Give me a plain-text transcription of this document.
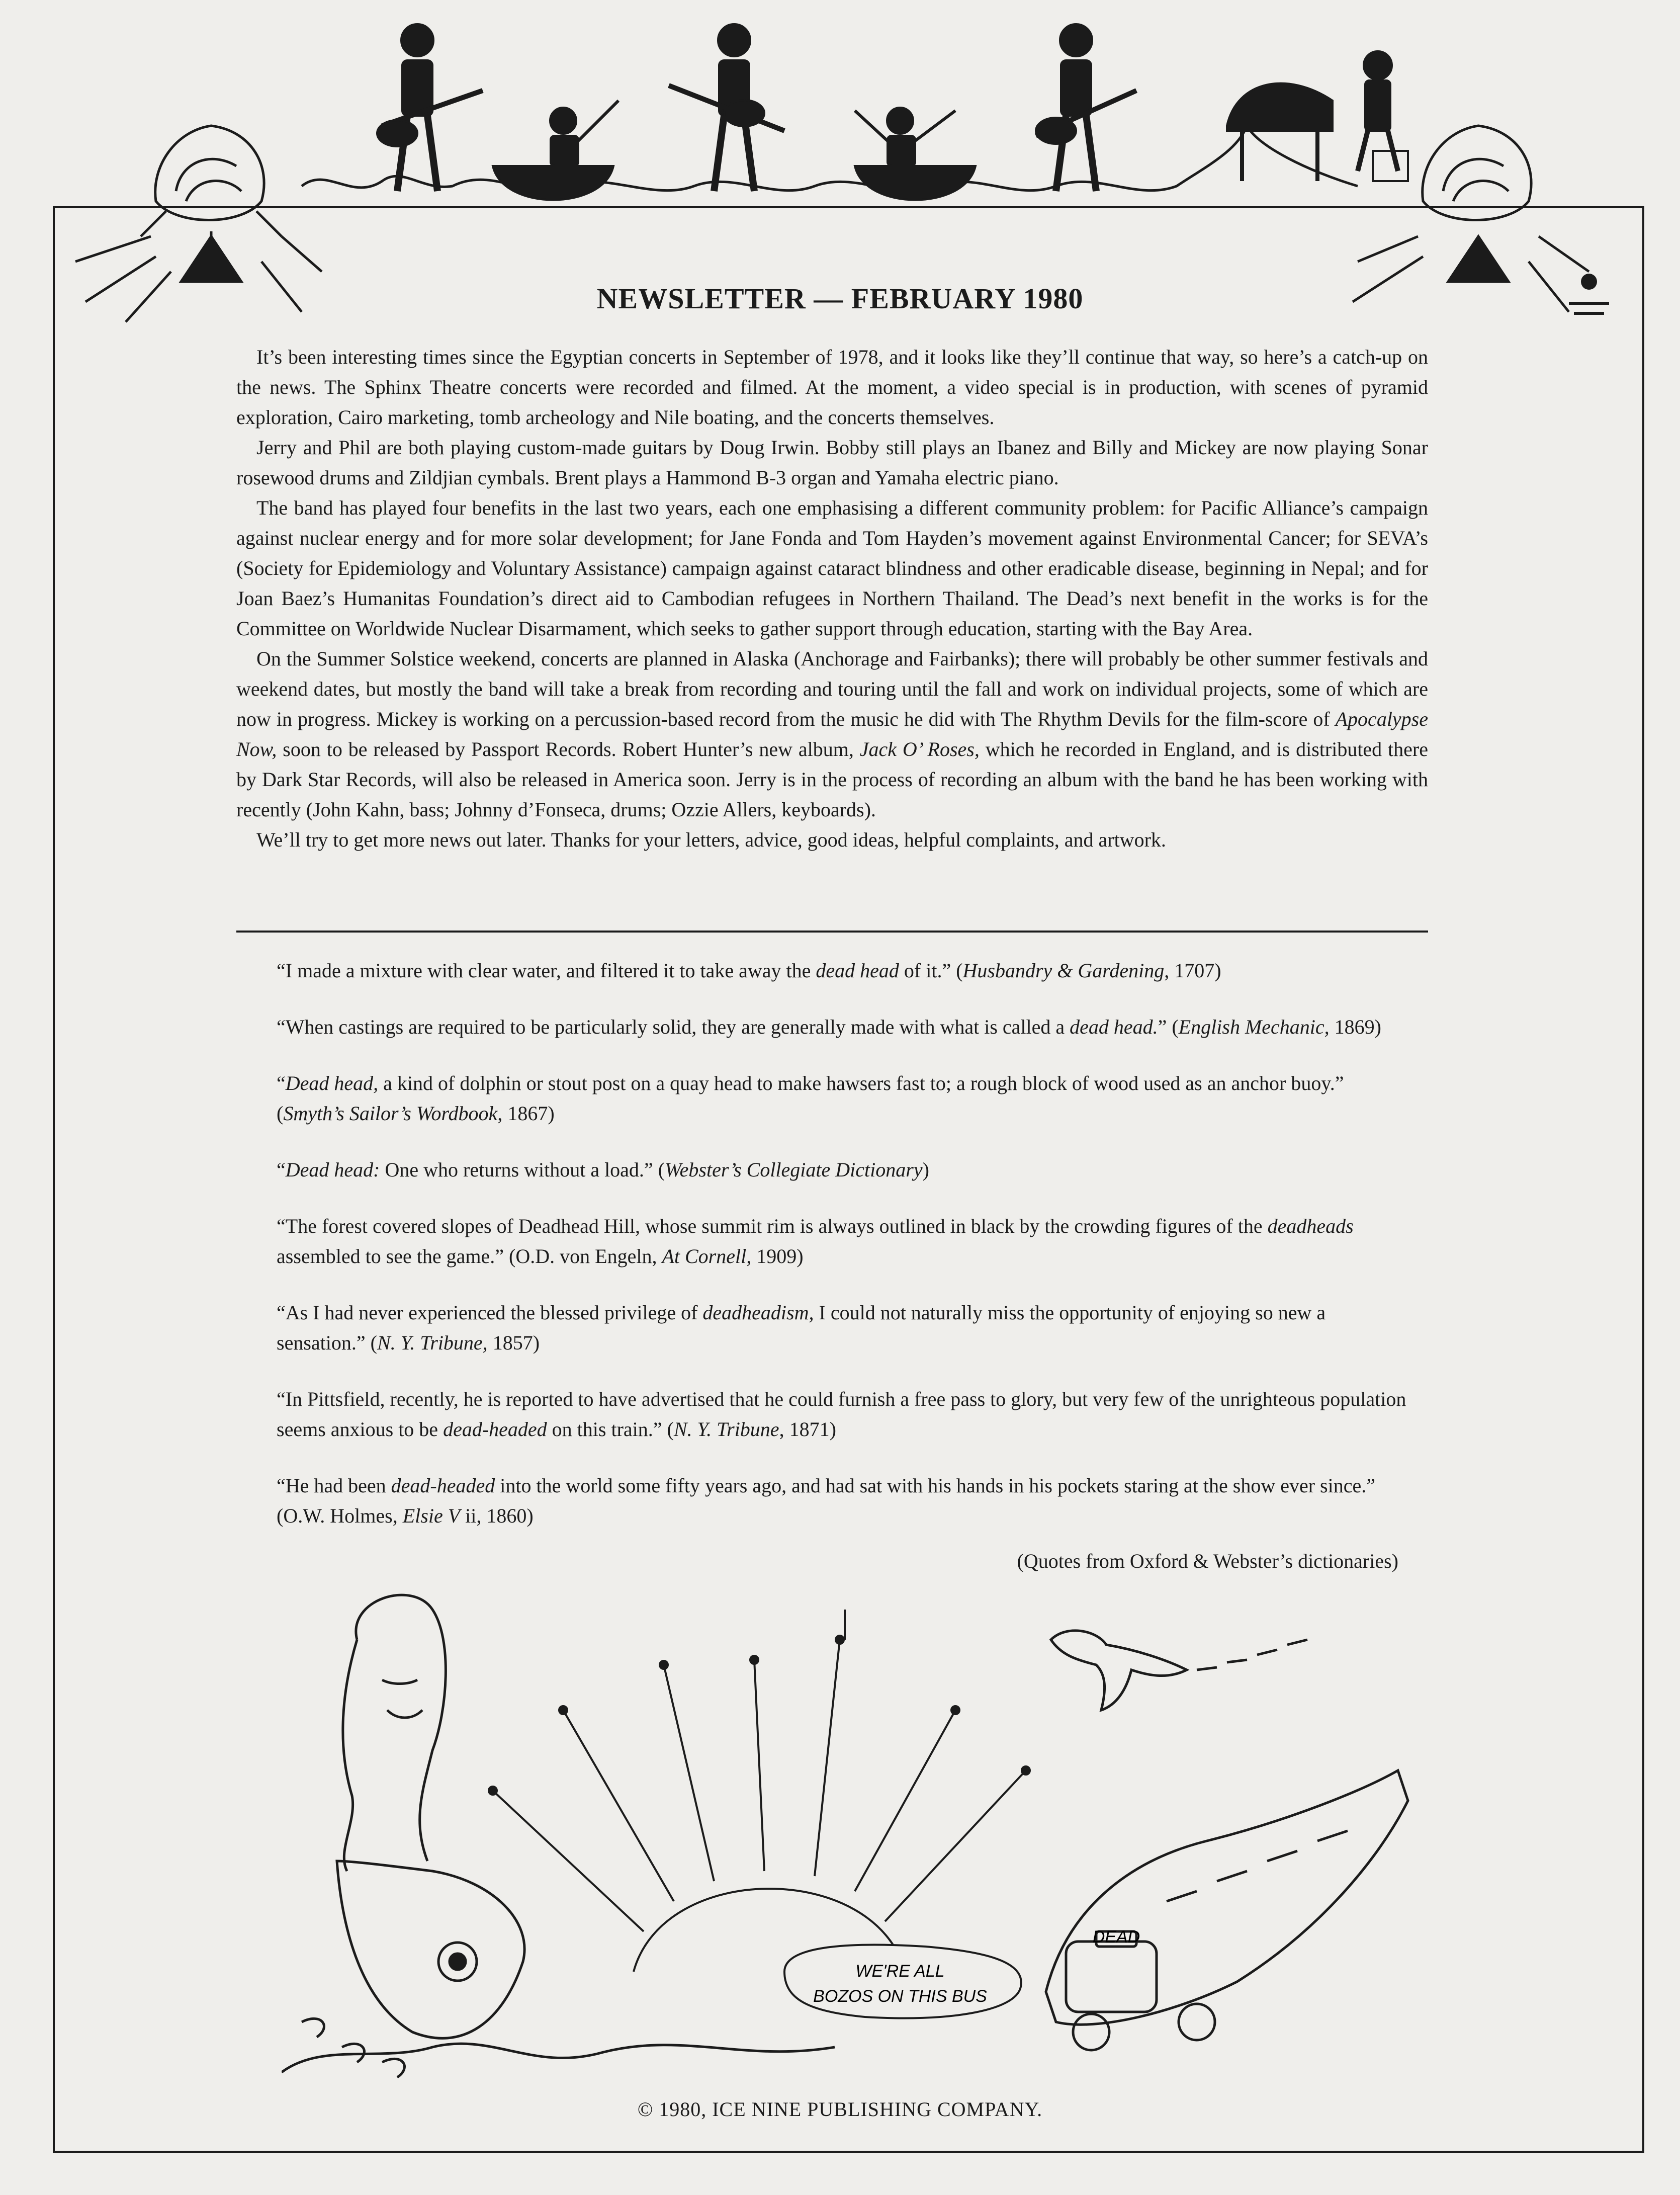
NEWSLETTER — FEBRUARY 1980

It’s been interesting times since the Egyptian concerts in September of 1978, and it looks like they’ll continue that way, so here’s a catch-up on the news. The Sphinx Theatre concerts were recorded and filmed. At the moment, a video special is in production, with scenes of pyramid exploration, Cairo marketing, tomb archeology and Nile boating, and the concerts themselves.

Jerry and Phil are both playing custom-made guitars by Doug Irwin. Bobby still plays an Ibanez and Billy and Mickey are now playing Sonar rosewood drums and Zildjian cymbals. Brent plays a Hammond B-3 organ and Yamaha electric piano.

The band has played four benefits in the last two years, each one emphasising a different community problem: for Pacific Alliance’s campaign against nuclear energy and for more solar development; for Jane Fonda and Tom Hayden’s movement against Environmental Cancer; for SEVA’s (Society for Epidemiology and Voluntary Assistance) campaign against cataract blindness and other eradicable disease, beginning in Nepal; and for Joan Baez’s Humanitas Foundation’s direct aid to Cambodian refugees in Northern Thailand. The Dead’s next benefit in the works is for the Committee on Worldwide Nuclear Disarmament, which seeks to gather support through education, starting with the Bay Area.

On the Summer Solstice weekend, concerts are planned in Alaska (Anchorage and Fairbanks); there will probably be other summer festivals and weekend dates, but mostly the band will take a break from recording and touring until the fall and work on individual projects, some of which are now in progress. Mickey is working on a percussion-based record from the music he did with The Rhythm Devils for the film-score of Apocalypse Now, soon to be released by Passport Records. Robert Hunter’s new album, Jack O’ Roses, which he recorded in England, and is distributed there by Dark Star Records, will also be released in America soon. Jerry is in the process of recording an album with the band he has been working with recently (John Kahn, bass; Johnny d’Fonseca, drums; Ozzie Allers, keyboards).

We’ll try to get more news out later. Thanks for your letters, advice, good ideas, helpful complaints, and artwork.

“I made a mixture with clear water, and filtered it to take away the dead head of it.” (Husbandry & Gardening, 1707)

“When castings are required to be particularly solid, they are generally made with what is called a dead head.” (English Mechanic, 1869)

“Dead head, a kind of dolphin or stout post on a quay head to make hawsers fast to; a rough block of wood used as an anchor buoy.” (Smyth’s Sailor’s Wordbook, 1867)

“Dead head: One who returns without a load.” (Webster’s Collegiate Dictionary)

“The forest covered slopes of Deadhead Hill, whose summit rim is always outlined in black by the crowding figures of the deadheads assembled to see the game.” (O.D. von Engeln, At Cornell, 1909)

“As I had never experienced the blessed privilege of deadheadism, I could not naturally miss the opportunity of enjoying so new a sensation.” (N. Y. Tribune, 1857)

“In Pittsfield, recently, he is reported to have advertised that he could furnish a free pass to glory, but very few of the unrighteous population seems anxious to be dead-headed on this train.” (N. Y. Tribune, 1871)

“He had been dead-headed into the world some fifty years ago, and had sat with his hands in his pockets staring at the show ever since.” (O.W. Holmes, Elsie V ii, 1860)

(Quotes from Oxford & Webster’s dictionaries)
DEAD
WE'RE ALL
BOZOS ON THIS BUS
© 1980, ICE NINE PUBLISHING COMPANY.
